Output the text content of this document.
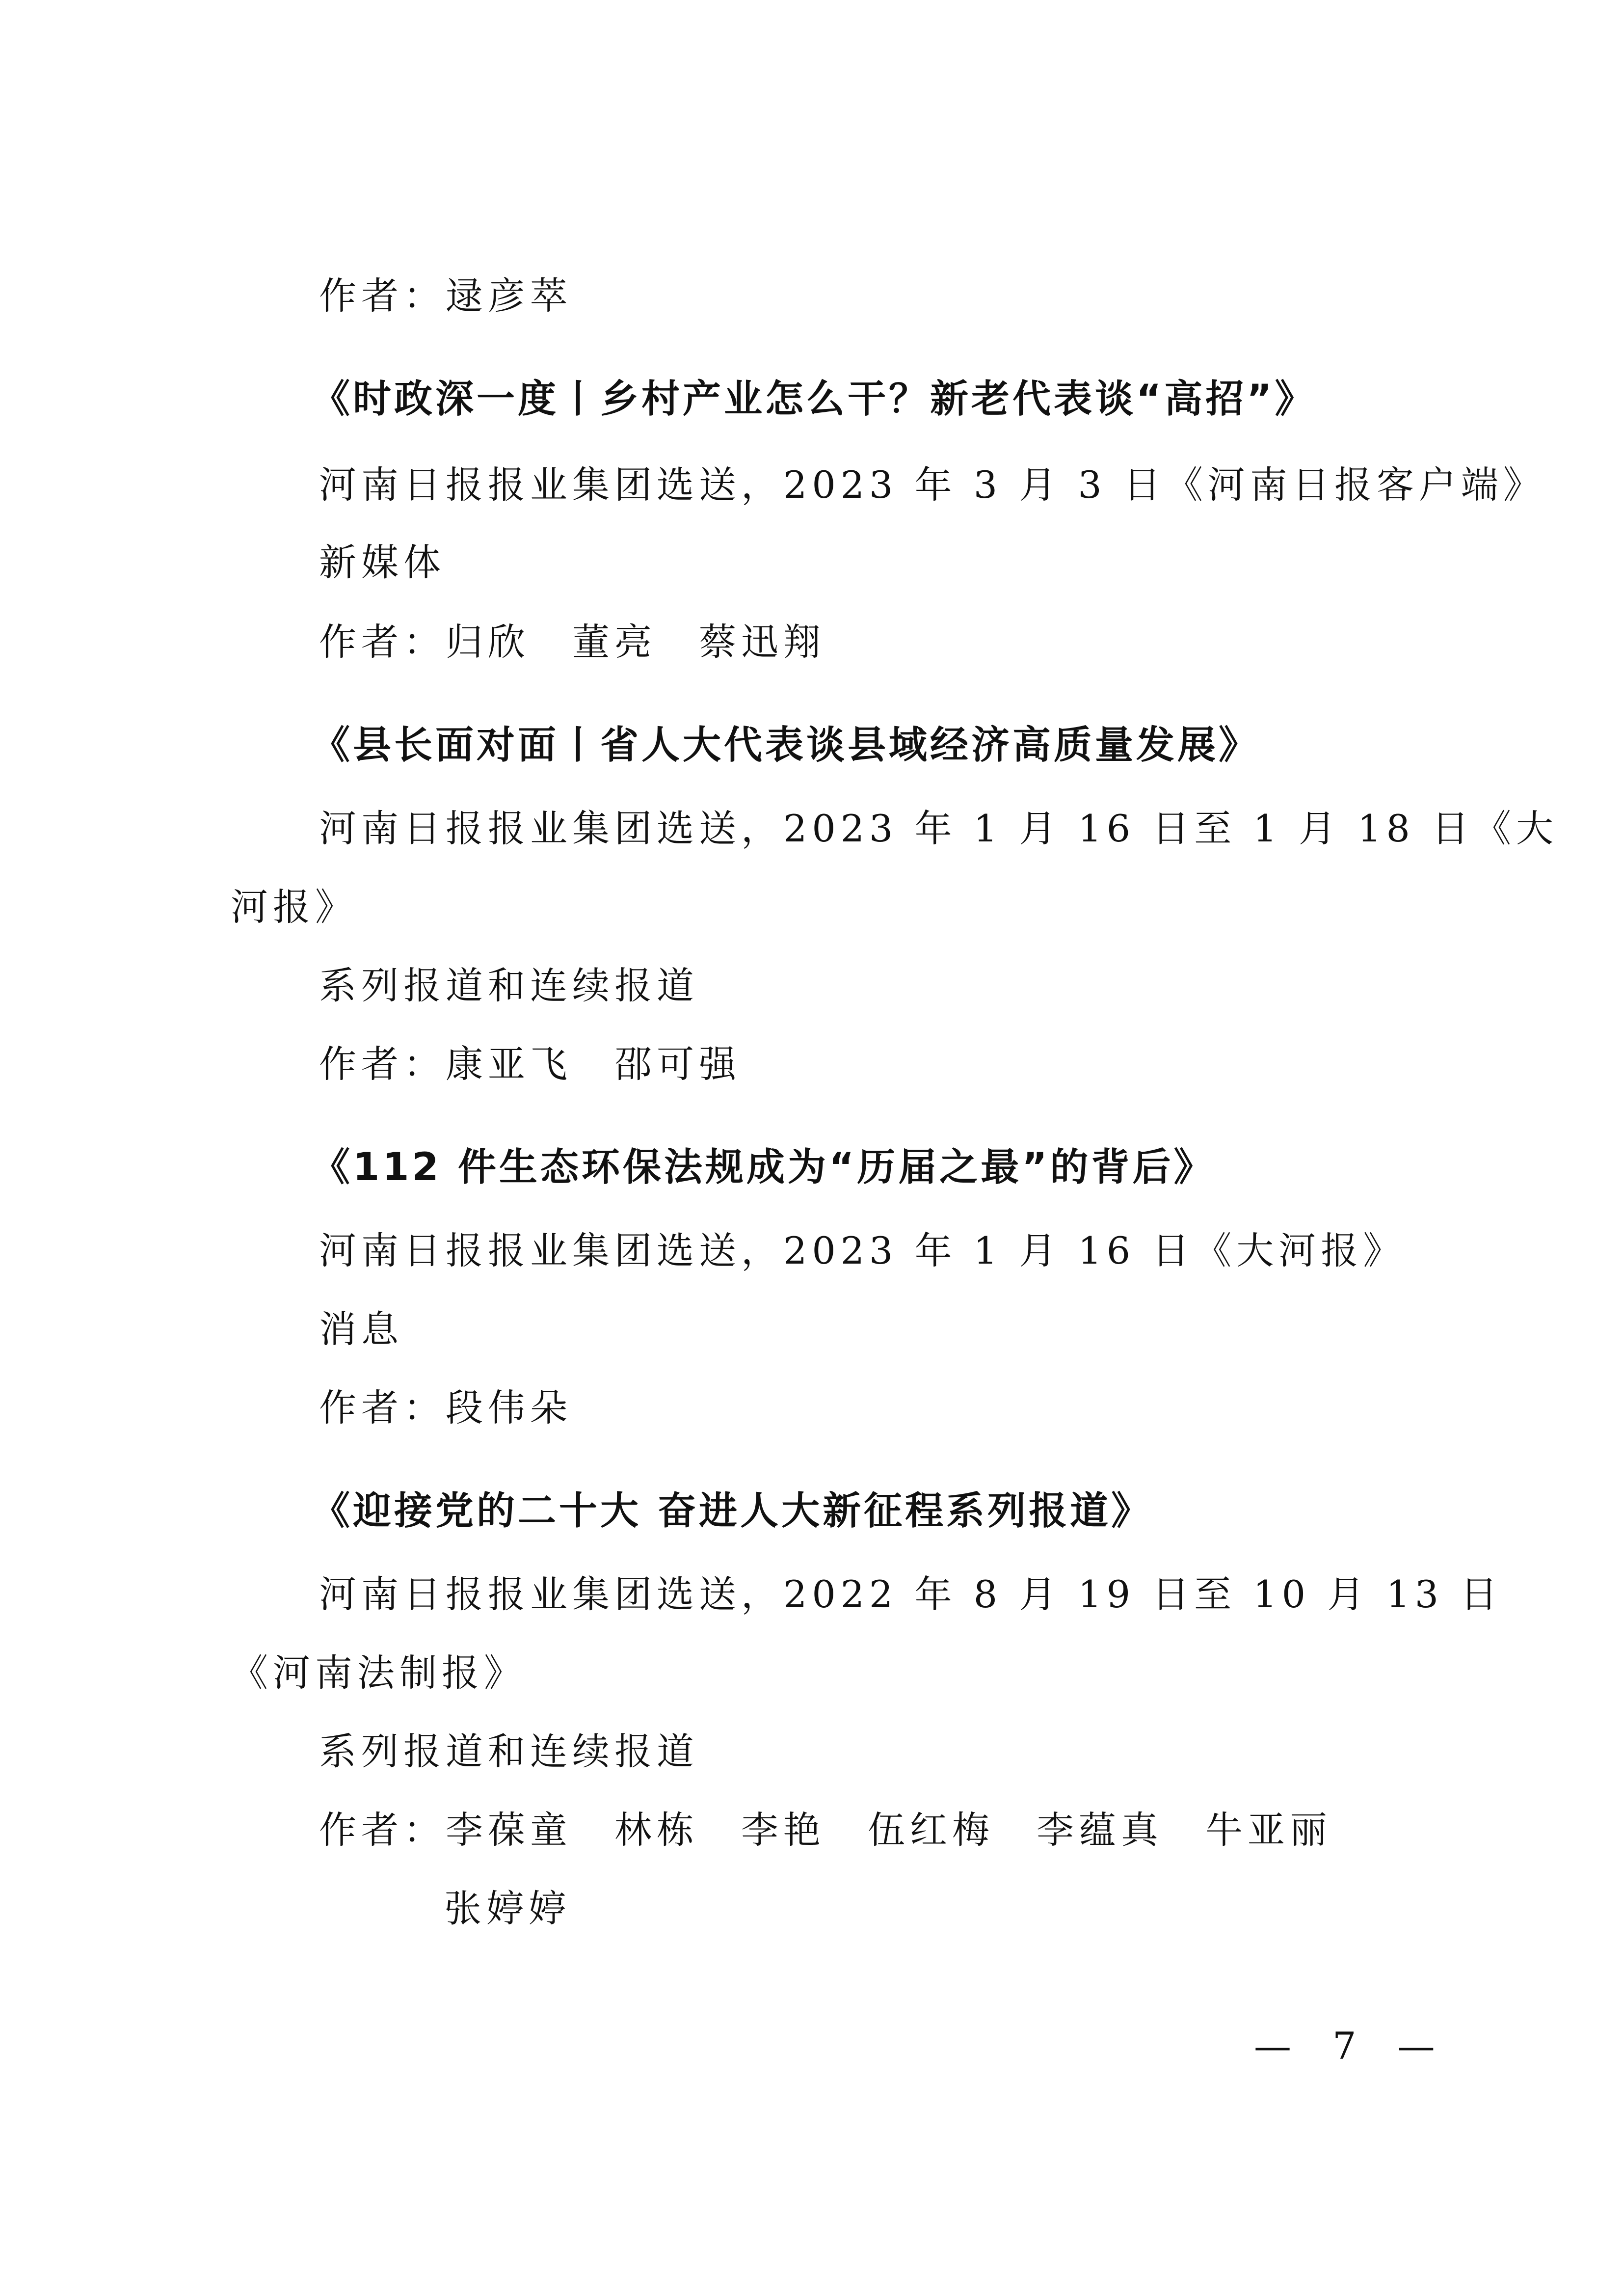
作者：逯彦萃
《时政深一度丨乡村产业怎么干？新老代表谈“高招”》
河南日报报业集团选送，2023 年 3 月 3 日《河南日报客户端》
新媒体
作者：归欣　董亮　蔡迅翔
《县长面对面丨省人大代表谈县域经济高质量发展》
河南日报报业集团选送，2023 年 1 月 16 日至 1 月 18 日《大
河报》
系列报道和连续报道
作者：康亚飞　邵可强
《112 件生态环保法规成为“历届之最”的背后》
河南日报报业集团选送，2023 年 1 月 16 日《大河报》
消息
作者：段伟朵
《迎接党的二十大 奋进人大新征程系列报道》
河南日报报业集团选送，2022 年 8 月 19 日至 10 月 13 日
《河南法制报》
系列报道和连续报道
作者：李葆童　林栋　李艳　伍红梅　李蕴真　牛亚丽
张婷婷
— 7 —
